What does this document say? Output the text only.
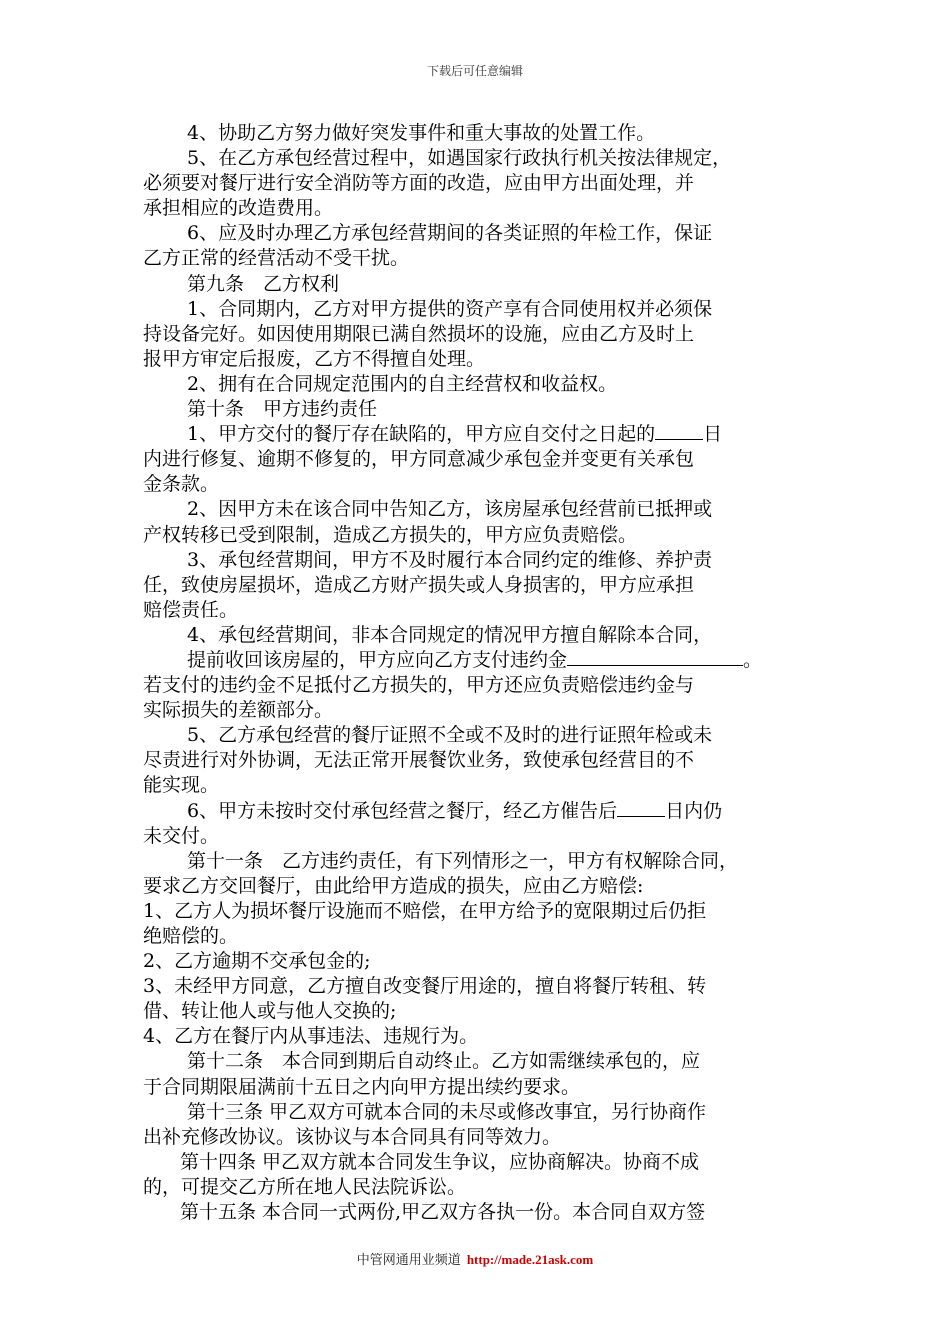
下载后可任意编辑
4、协助乙方努力做好突发事件和重大事故的处置工作。
5、在乙方承包经营过程中，如遇国家行政执行机关按法律规定，
必须要对餐厅进行安全消防等方面的改造，应由甲方出面处理，并
承担相应的改造费用。
6、应及时办理乙方承包经营期间的各类证照的年检工作，保证
乙方正常的经营活动不受干扰。
第九条　乙方权利
1、合同期内，乙方对甲方提供的资产享有合同使用权并必须保
持设备完好。如因使用期限已满自然损坏的设施，应由乙方及时上
报甲方审定后报废，乙方不得擅自处理。
2、拥有在合同规定范围内的自主经营权和收益权。
第十条　甲方违约责任
1、甲方交付的餐厅存在缺陷的，甲方应自交付之日起的	日
内进行修复、逾期不修复的，甲方同意减少承包金并变更有关承包
金条款。
2、因甲方未在该合同中告知乙方，该房屋承包经营前已抵押或
产权转移已受到限制，造成乙方损失的，甲方应负责赔偿。
3、承包经营期间，甲方不及时履行本合同约定的维修、养护责
任，致使房屋损坏，造成乙方财产损失或人身损害的，甲方应承担
赔偿责任。
4、承包经营期间，非本合同规定的情况甲方擅自解除本合同，
提前收回该房屋的，甲方应向乙方支付违约金	。
若支付的违约金不足抵付乙方损失的，甲方还应负责赔偿违约金与
实际损失的差额部分。
5、乙方承包经营的餐厅证照不全或不及时的进行证照年检或未
尽责进行对外协调，无法正常开展餐饮业务，致使承包经营目的不
能实现。
6、甲方未按时交付承包经营之餐厅，经乙方催告后	日内仍
未交付。
第十一条　乙方违约责任，有下列情形之一，甲方有权解除合同，
要求乙方交回餐厅，由此给甲方造成的损失，应由乙方赔偿:
1、乙方人为损坏餐厅设施而不赔偿，在甲方给予的宽限期过后仍拒
绝赔偿的。
2、乙方逾期不交承包金的;
3、未经甲方同意，乙方擅自改变餐厅用途的，擅自将餐厅转租、转
借、转让他人或与他人交换的;
4、乙方在餐厅内从事违法、违规行为。
第十二条　本合同到期后自动终止。乙方如需继续承包的，应
于合同期限届满前十五日之内向甲方提出续约要求。
第十三条 甲乙双方可就本合同的未尽或修改事宜，另行协商作
出补充修改协议。该协议与本合同具有同等效力。
第十四条 甲乙双方就本合同发生争议，应协商解决。协商不成
的，可提交乙方所在地人民法院诉讼。
第十五条 本合同一式两份,甲乙双方各执一份。本合同自双方签
中管网通用业频道 http://made.21ask.com
